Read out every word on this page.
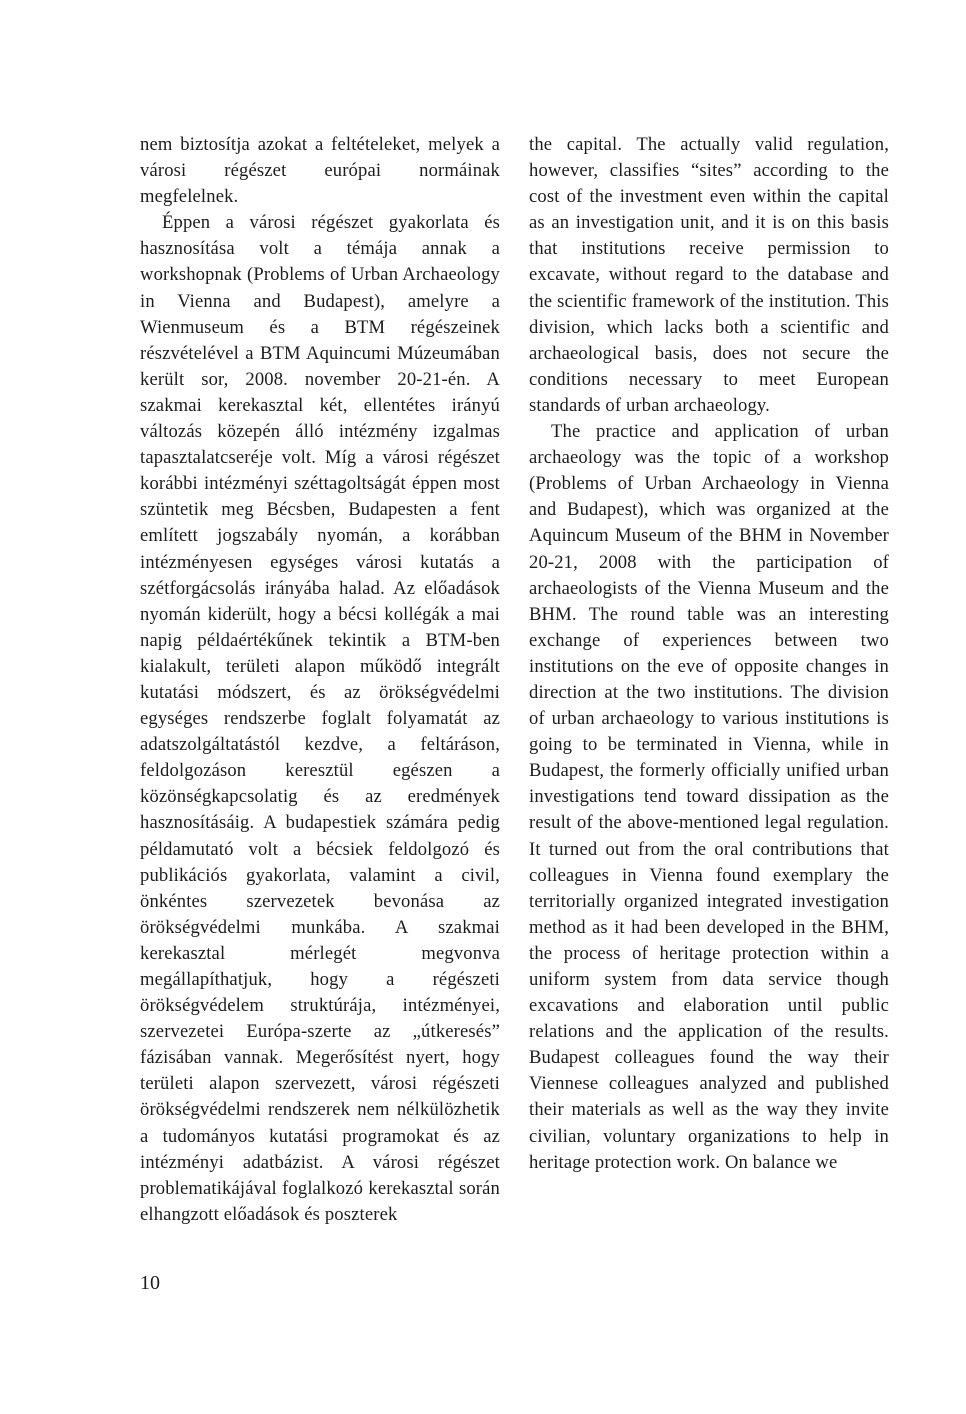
nem biztosítja azokat a feltételeket, melyek a városi régészet európai normáinak megfelelnek.

Éppen a városi régészet gyakorlata és hasznosítása volt a témája annak a workshopnak (Problems of Urban Archaeology in Vienna and Budapest), amelyre a Wienmuseum és a BTM régészeinek részvételével a BTM Aquincumi Múzeumában került sor, 2008. november 20-21-én. A szakmai kerekasztal két, ellentétes irányú változás közepén álló intézmény izgalmas tapasztalatcseréje volt. Míg a városi régészet korábbi intézményi széttagoltságát éppen most szüntetik meg Bécsben, Budapesten a fent említett jogszabály nyomán, a korábban intézményesen egységes városi kutatás a szétforgácsolás irányába halad. Az előadások nyomán kiderült, hogy a bécsi kollégák a mai napig példaértékűnek tekintik a BTM-ben kialakult, területi alapon működő integrált kutatási módszert, és az örökségvédelmi egységes rendszerbe foglalt folyamatát az adatszolgáltatástól kezdve, a feltáráson, feldolgozáson keresztül egészen a közönségkapcsolatig és az eredmények hasznosításáig. A budapestiek számára pedig példamutató volt a bécsiek feldolgozó és publikációs gyakorlata, valamint a civil, önkéntes szervezetek bevonása az örökségvédelmi munkába. A szakmai kerekasztal mérlegét megvonva megállapíthatjuk, hogy a régészeti örökségvédelem struktúrája, intézményei, szervezetei Európa-szerte az „útkeresés” fázisában vannak. Megerősítést nyert, hogy területi alapon szervezett, városi régészeti örökségvédelmi rendszerek nem nélkülözhetik a tudományos kutatási programokat és az intézményi adatbázist. A városi régészet problematikájával foglalkozó kerekasztal során elhangzott előadások és poszterek

the capital. The actually valid regulation, however, classifies “sites” according to the cost of the investment even within the capital as an investigation unit, and it is on this basis that institutions receive permission to excavate, without regard to the database and the scientific framework of the institution. This division, which lacks both a scientific and archaeological basis, does not secure the conditions necessary to meet European standards of urban archaeology.

The practice and application of urban archaeology was the topic of a workshop (Problems of Urban Archaeology in Vienna and Budapest), which was organized at the Aquincum Museum of the BHM in November 20-21, 2008 with the participation of archaeologists of the Vienna Museum and the BHM. The round table was an interesting exchange of experiences between two institutions on the eve of opposite changes in direction at the two institutions. The division of urban archaeology to various institutions is going to be terminated in Vienna, while in Budapest, the formerly officially unified urban investigations tend toward dissipation as the result of the above-mentioned legal regulation. It turned out from the oral contributions that colleagues in Vienna found exemplary the territorially organized integrated investigation method as it had been developed in the BHM, the process of heritage protection within a uniform system from data service though excavations and elaboration until public relations and the application of the results. Budapest colleagues found the way their Viennese colleagues analyzed and published their materials as well as the way they invite civilian, voluntary organizations to help in heritage protection work. On balance we

10
